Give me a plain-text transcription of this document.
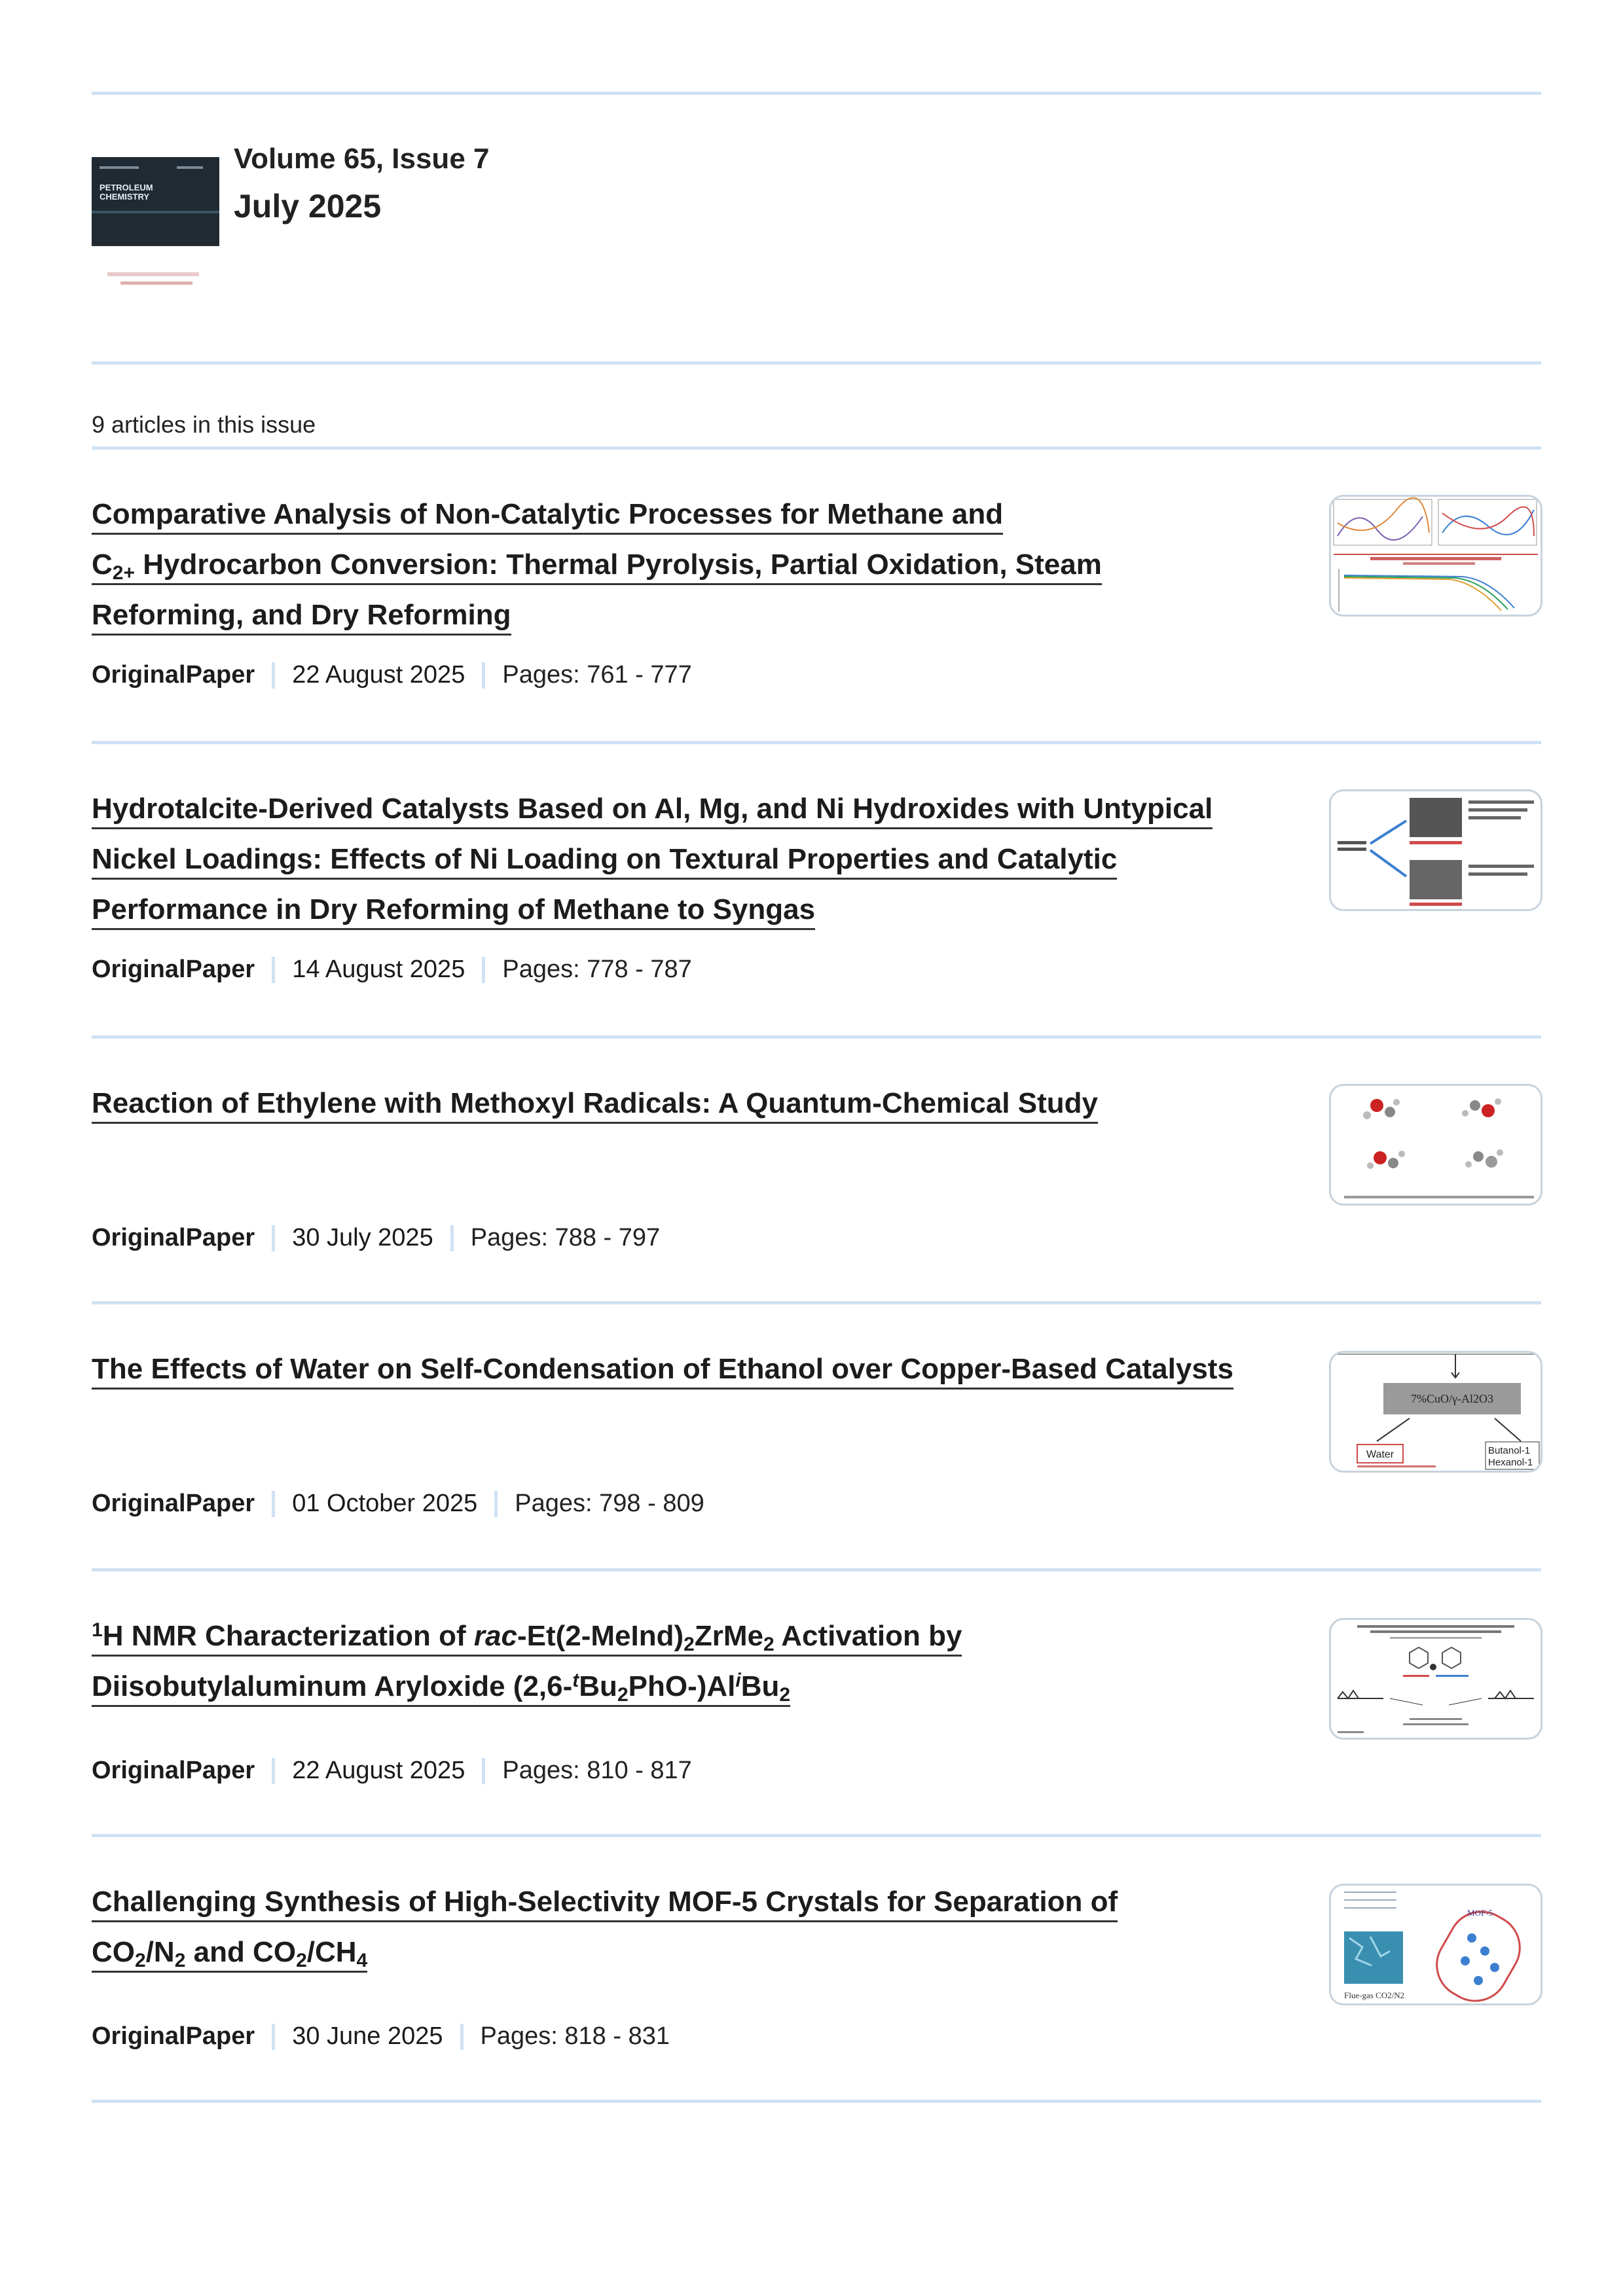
PETROLEUM CHEMISTRY
Volume 65, Issue 7
July 2025
9 articles in this issue
Comparative Analysis of Non-Catalytic Processes for Methane and
$C_{2+}$ Hydrocarbon Conversion: Thermal Pyrolysis, Partial Oxidation, Steam
Reforming, and Dry Reforming
OriginalPaper 22 August 2025 Pages: 761 - 777
Hydrotalcite-Derived Catalysts Based on Al, Mg, and Ni Hydroxides with Untypical
Nickel Loadings: Effects of Ni Loading on Textural Properties and Catalytic
Performance in Dry Reforming of Methane to Syngas
OriginalPaper 14 August 2025 Pages: 778 - 787
Reaction of Ethylene with Methoxyl Radicals: A Quantum-Chemical Study
OriginalPaper 30 July 2025 Pages: 788 - 797
The Effects of Water on Self-Condensation of Ethanol over Copper-Based Catalysts
OriginalPaper 01 October 2025 Pages: 798 - 809
7%CuO/γ-Al2O3
Water	Butanol-1
Hexanol-1
$^1$H NMR Characterization of rac-$Et(2-MeInd)_2ZrMe_2$ Activation by
Diisobutylaluminum Aryloxide $(2,6-^tBu_2PhO-)Al^iBu_2$
OriginalPaper 22 August 2025 Pages: 810 - 817
Challenging Synthesis of High-Selectivity MOF-5 Crystals for Separation of
$CO_2/N_2$ and $CO_2/CH_4$
OriginalPaper 30 June 2025 Pages: 818 - 831
Flue-gas CO2/N2
MOF-5
